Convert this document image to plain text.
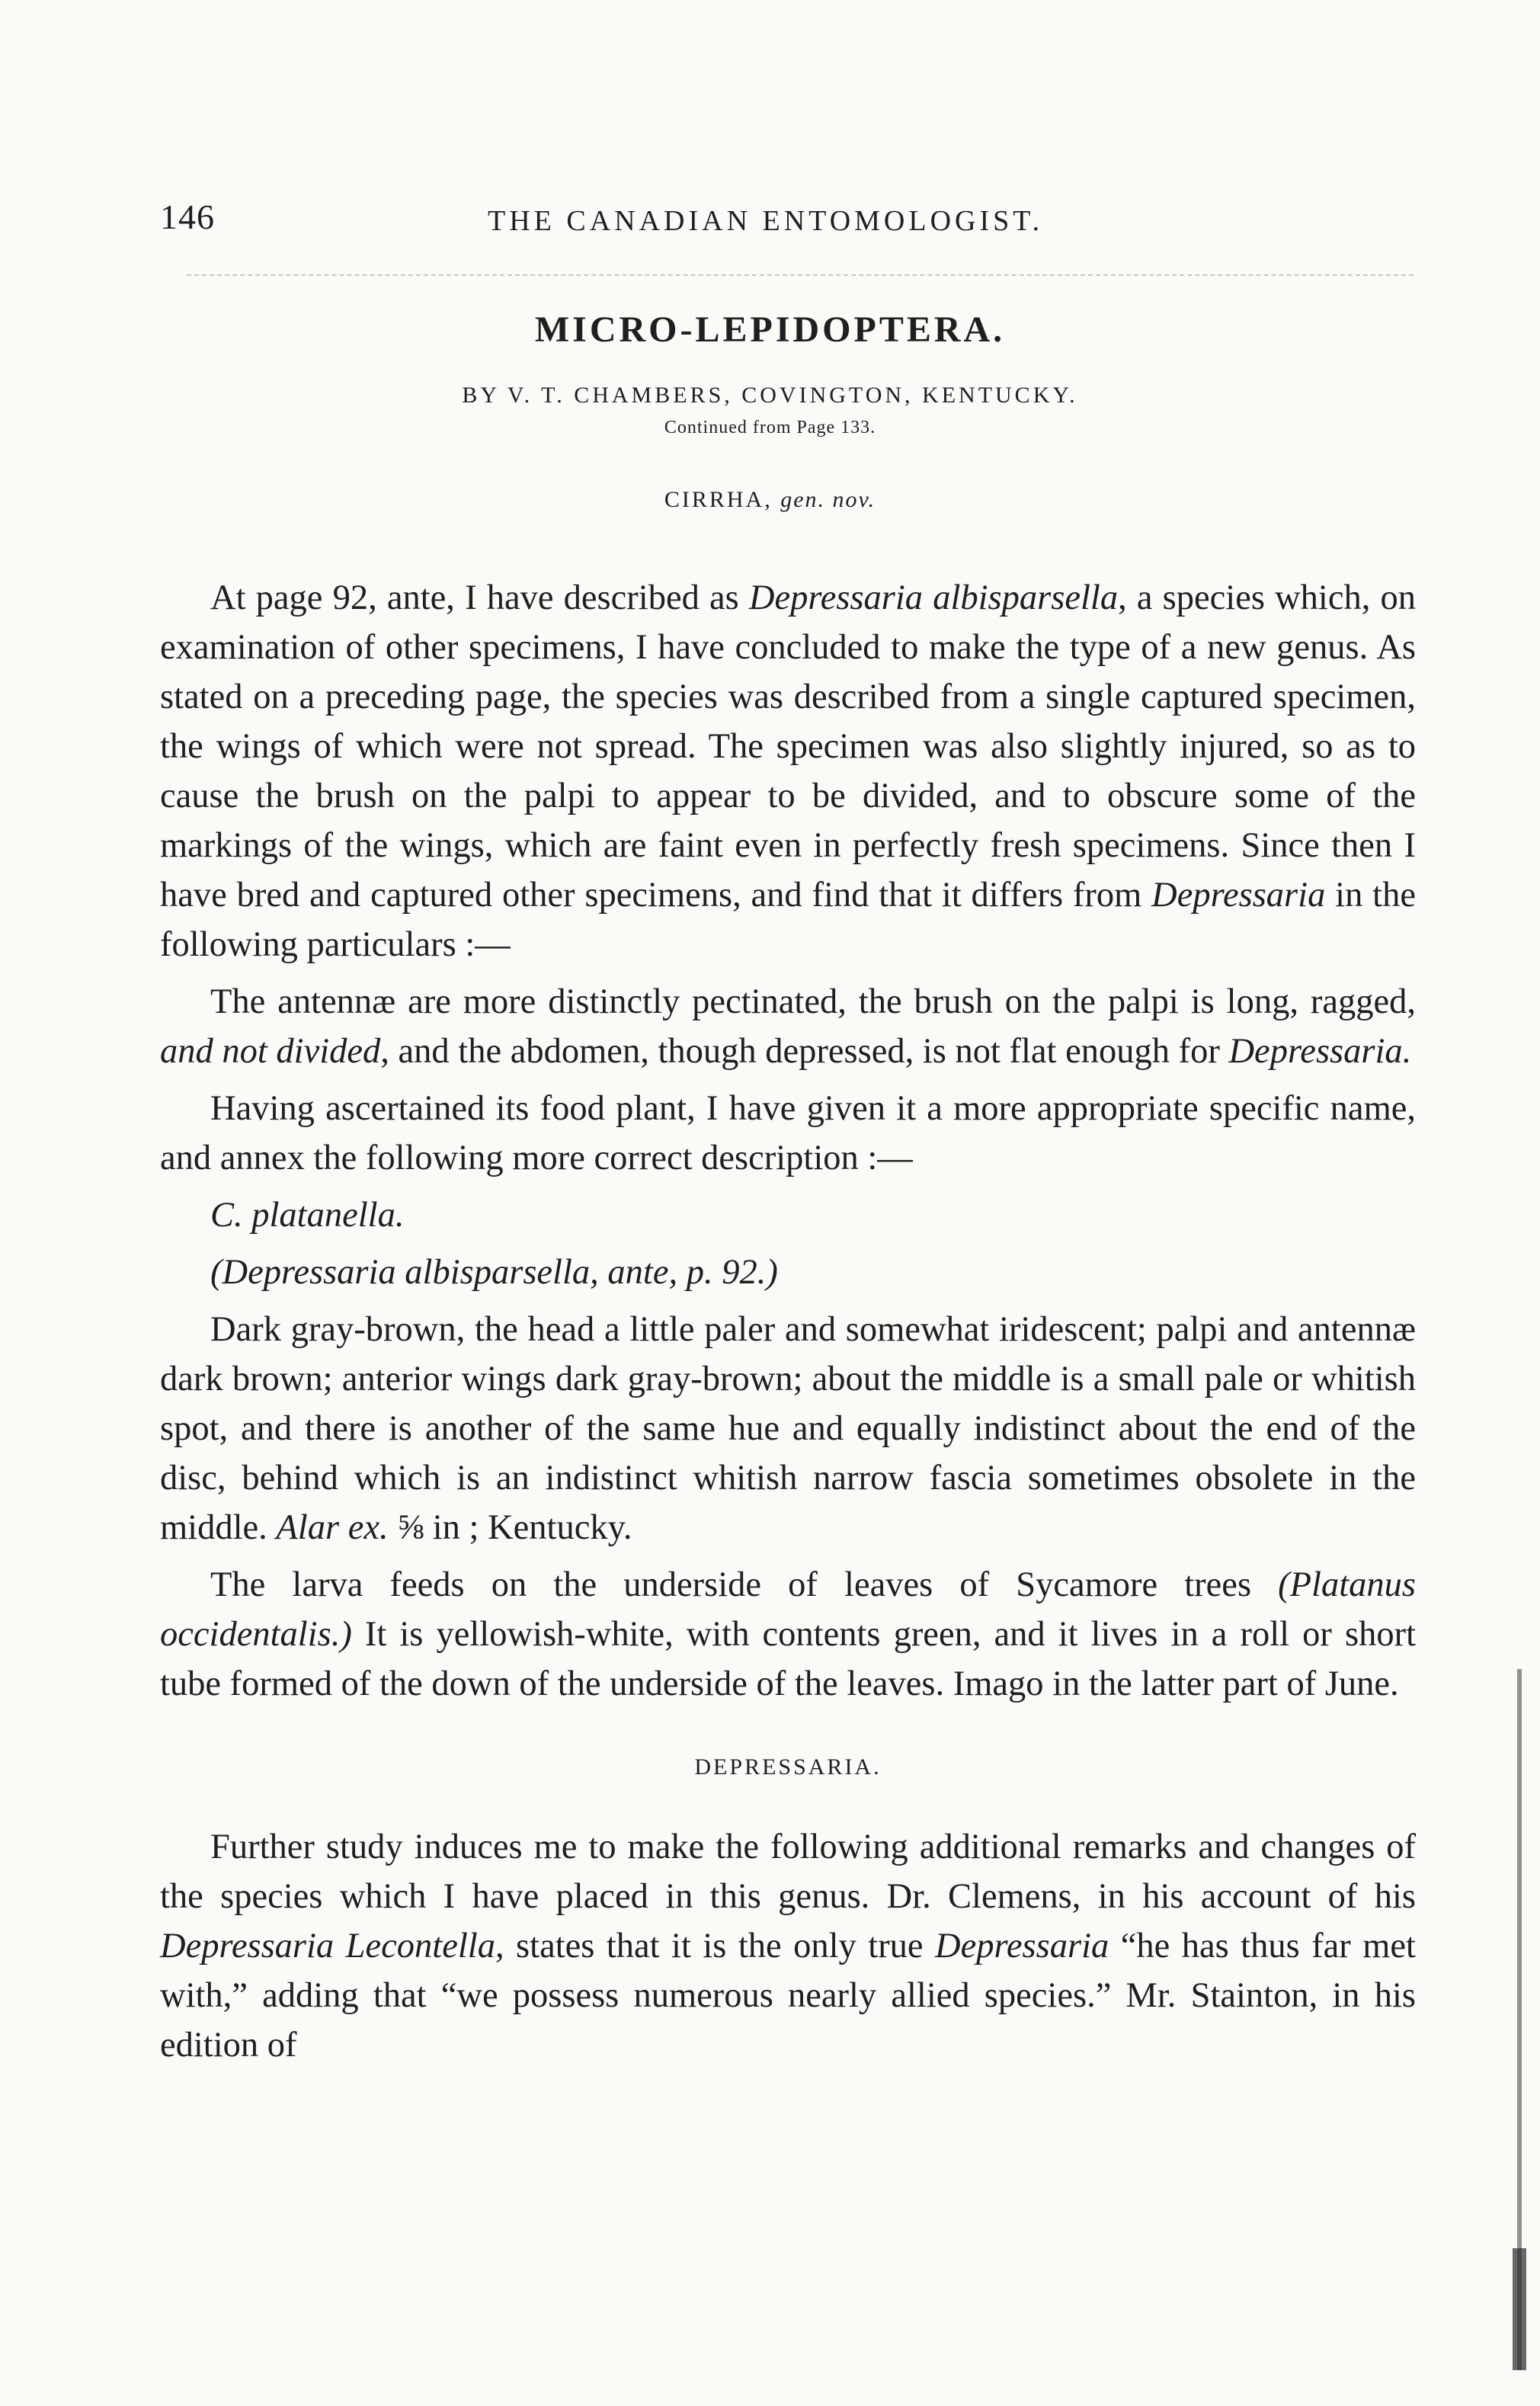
146	THE CANADIAN ENTOMOLOGIST.
MICRO-LEPIDOPTERA.
BY V. T. CHAMBERS, COVINGTON, KENTUCKY.
Continued from Page 133.
CIRRHA, gen. nov.

At page 92, ante, I have described as Depressaria albisparsella, a species which, on examination of other specimens, I have concluded to make the type of a new genus. As stated on a preceding page, the species was described from a single captured specimen, the wings of which were not spread. The specimen was also slightly injured, so as to cause the brush on the palpi to appear to be divided, and to obscure some of the markings of the wings, which are faint even in perfectly fresh specimens. Since then I have bred and captured other specimens, and find that it differs from Depressaria in the following particulars :—

The antennæ are more distinctly pectinated, the brush on the palpi is long, ragged, and not divided, and the abdomen, though depressed, is not flat enough for Depressaria.

Having ascertained its food plant, I have given it a more appropriate specific name, and annex the following more correct description :—

C. platanella.

(Depressaria albisparsella, ante, p. 92.)

Dark gray-brown, the head a little paler and somewhat iridescent; palpi and antennæ dark brown; anterior wings dark gray-brown; about the middle is a small pale or whitish spot, and there is another of the same hue and equally indistinct about the end of the disc, behind which is an indistinct whitish narrow fascia sometimes obsolete in the middle. Alar ex. ⅝ in ; Kentucky.

The larva feeds on the underside of leaves of Sycamore trees (Platanus occidentalis.) It is yellowish-white, with contents green, and it lives in a roll or short tube formed of the down of the underside of the leaves. Imago in the latter part of June.

DEPRESSARIA.

Further study induces me to make the following additional remarks and changes of the species which I have placed in this genus. Dr. Clemens, in his account of his Depressaria Lecontella, states that it is the only true Depressaria “he has thus far met with,” adding that “we possess numerous nearly allied species.” Mr. Stainton, in his edition of
